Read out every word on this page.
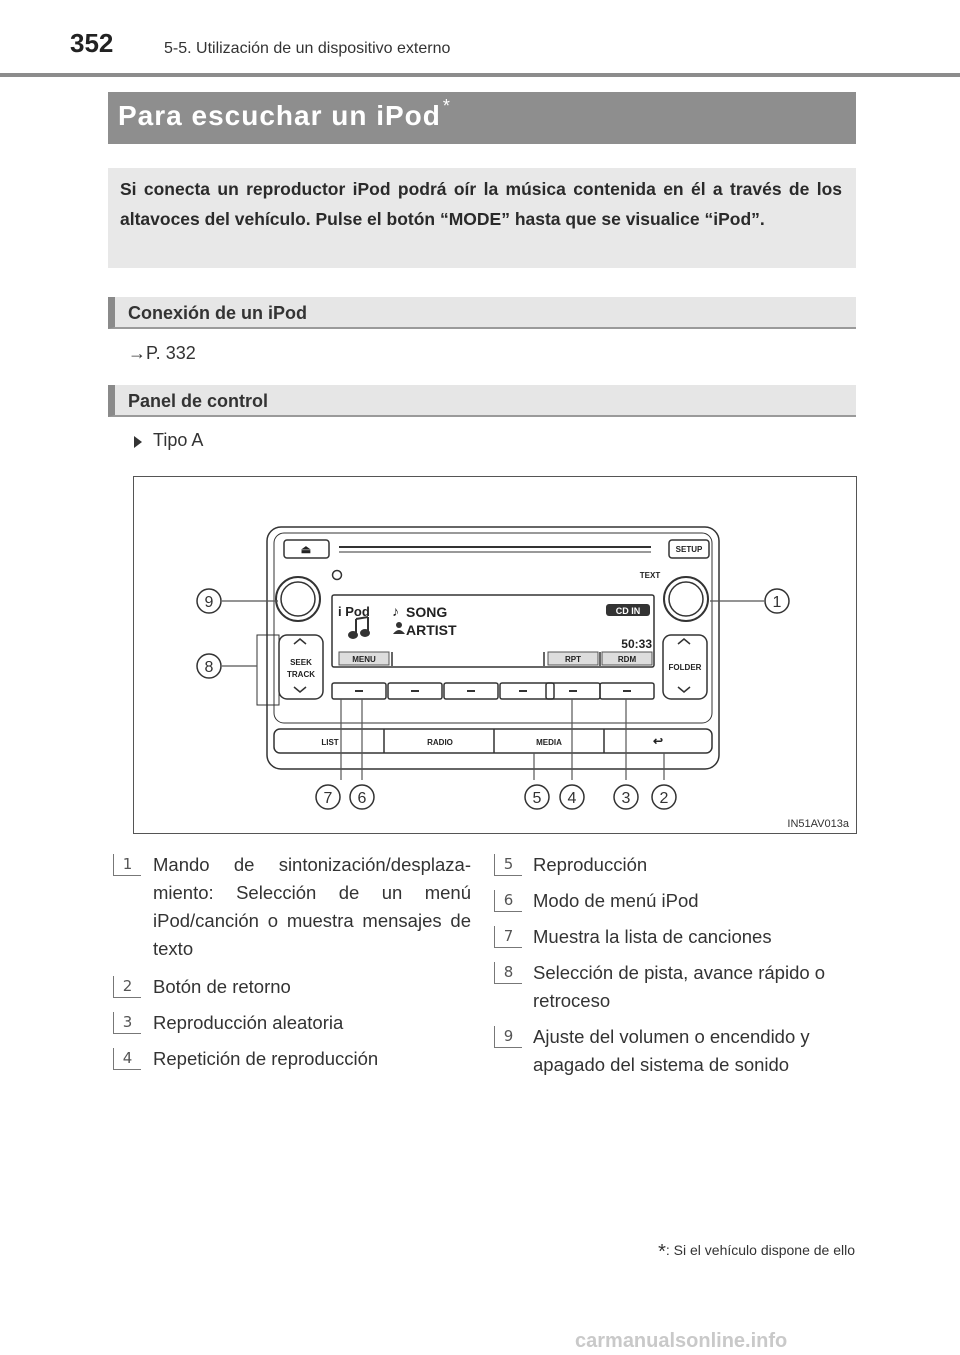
352	5-5. Utilización de un dispositivo externo
Para escuchar un iPod *
Si conecta un reproductor iPod podrá oír la música contenida en él a través de los altavoces del vehículo. Pulse el botón “MODE” hasta que se visualice “iPod”.
Conexión de un iPod
→P. 332
Panel de control
Tipo A
9
8
1
7 6	5 4	3 2
i Pod ♪ SONG
ARTIST
CD IN
50:33
MENU	RPT	RDM
SETUP
TEXT
SEEK
TRACK
FOLDER
LIST	RADIO	MEDIA	↩
⏏
IN51AV013a
1	Mando de sintonización/desplaza-miento: Selección de un menú iPod/canción o muestra mensajes de texto
2	Botón de retorno
3	Reproducción aleatoria
4	Repetición de reproducción
5	Reproducción
6	Modo de menú iPod
7	Muestra la lista de canciones
8	Selección de pista, avance rápido o retroceso
9	Ajuste del volumen o encendido y apagado del sistema de sonido
*: Si el vehículo dispone de ello
carmanualsonline.info
